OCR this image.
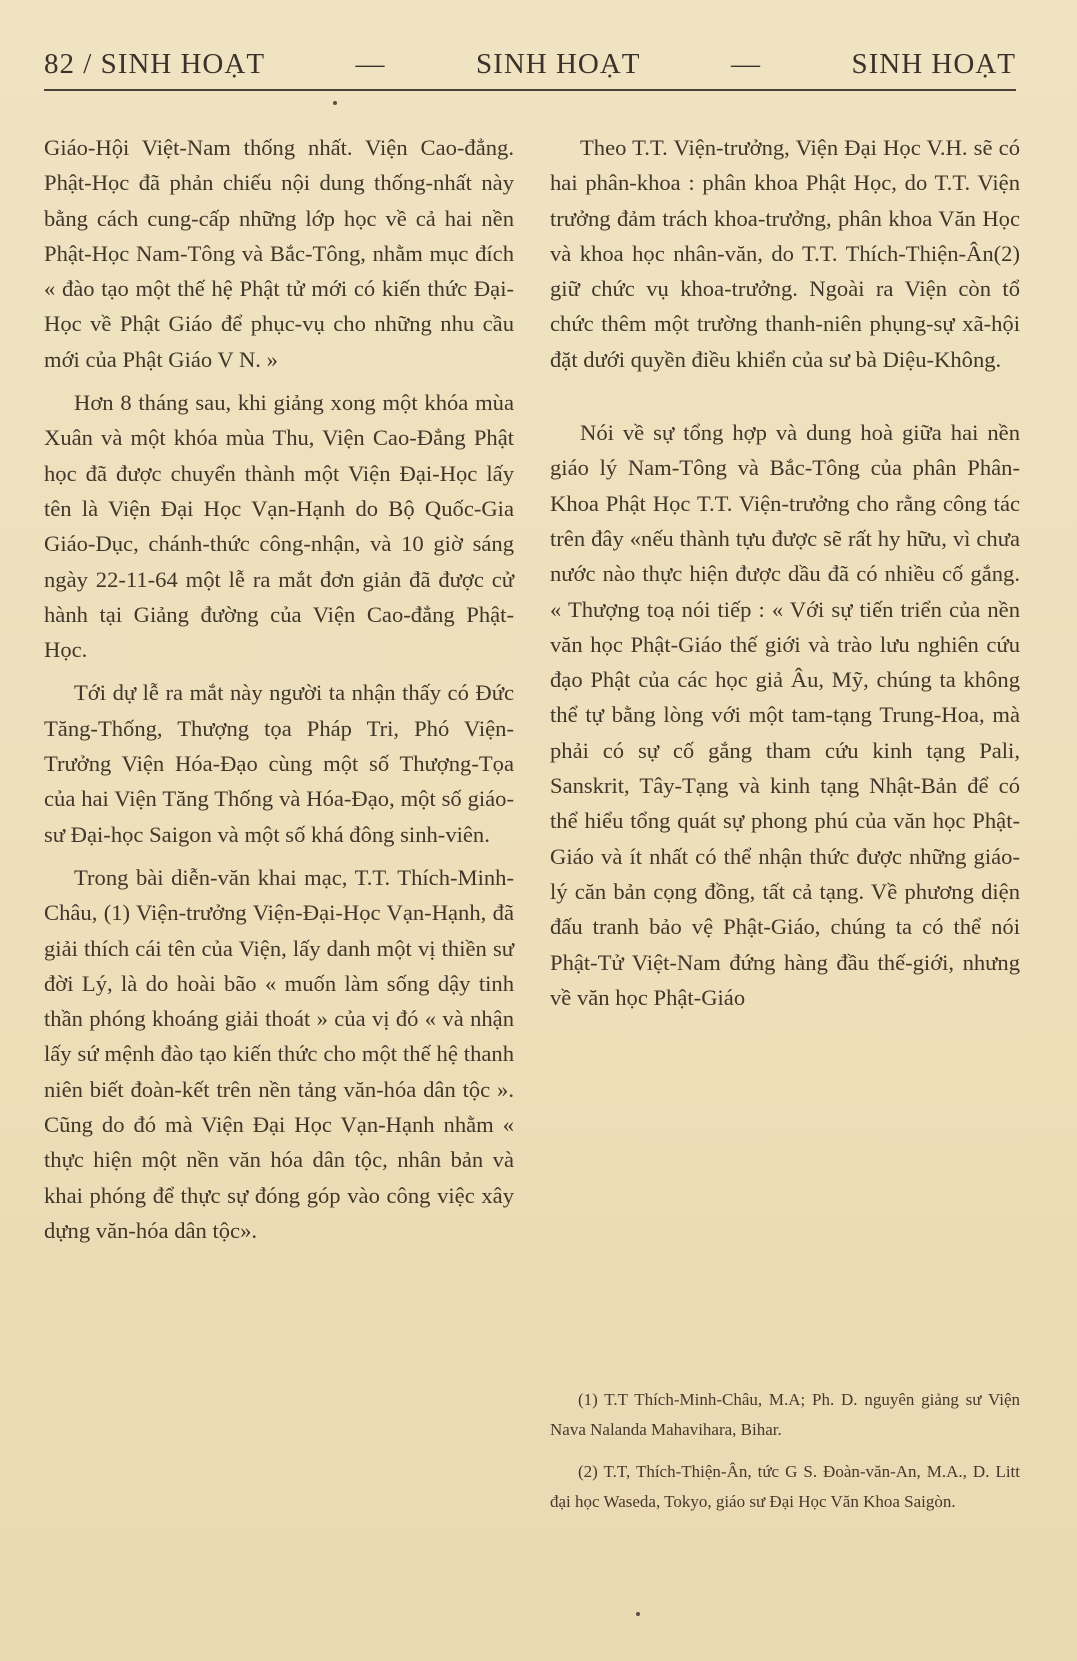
82 / SINH HOẠT	—	SINH HOẠT	—	SINH HOẠT

Giáo-Hội Việt-Nam thống nhất. Viện Cao-đẳng. Phật-Học đã phản chiếu nội dung thống-nhất này bằng cách cung-cấp những lớp học về cả hai nền Phật-Học Nam-Tông và Bắc-Tông, nhằm mục đích « đào tạo một thế hệ Phật tử mới có kiến thức Đại-Học về Phật Giáo để phục-vụ cho những nhu cầu mới của Phật Giáo V N. »

Hơn 8 tháng sau, khi giảng xong một khóa mùa Xuân và một khóa mùa Thu, Viện Cao-Đẳng Phật học đã được chuyển thành một Viện Đại-Học lấy tên là Viện Đại Học Vạn-Hạnh do Bộ Quốc-Gia Giáo-Dục, chánh-thức công-nhận, và 10 giờ sáng ngày 22-11-64 một lễ ra mắt đơn giản đã được cử hành tại Giảng đường của Viện Cao-đẳng Phật-Học.

Tới dự lễ ra mắt này người ta nhận thấy có Đức Tăng-Thống, Thượng tọa Pháp Tri, Phó Viện-Trưởng Viện Hóa-Đạo cùng một số Thượng-Tọa của hai Viện Tăng Thống và Hóa-Đạo, một số giáo-sư Đại-học Saigon và một số khá đông sinh-viên.

Trong bài diễn-văn khai mạc, T.T. Thích-Minh-Châu, (1) Viện-trưởng Viện-Đại-Học Vạn-Hạnh, đã giải thích cái tên của Viện, lấy danh một vị thiền sư đời Lý, là do hoài bão « muốn làm sống dậy tinh thần phóng khoáng giải thoát » của vị đó « và nhận lấy sứ mệnh đào tạo kiến thức cho một thế hệ thanh niên biết đoàn-kết trên nền tảng văn-hóa dân tộc ». Cũng do đó mà Viện Đại Học Vạn-Hạnh nhằm « thực hiện một nền văn hóa dân tộc, nhân bản và khai phóng để thực sự đóng góp vào công việc xây dựng văn-hóa dân tộc».

Theo T.T. Viện-trưởng, Viện Đại Học V.H. sẽ có hai phân-khoa : phân khoa Phật Học, do T.T. Viện trưởng đảm trách khoa-trưởng, phân khoa Văn Học và khoa học nhân-văn, do T.T. Thích-Thiện-Ân(2) giữ chức vụ khoa-trưởng. Ngoài ra Viện còn tổ chức thêm một trường thanh-niên phụng-sự xã-hội đặt dưới quyền điều khiển của sư bà Diệu-Không.

Nói về sự tổng hợp và dung hoà giữa hai nền giáo lý Nam-Tông và Bắc-Tông của phân Phân-Khoa Phật Học T.T. Viện-trưởng cho rằng công tác trên đây «nếu thành tựu được sẽ rất hy hữu, vì chưa nước nào thực hiện được dầu đã có nhiều cố gắng. « Thượng toạ nói tiếp : « Với sự tiến triển của nền văn học Phật-Giáo thế giới và trào lưu nghiên cứu đạo Phật của các học giả Âu, Mỹ, chúng ta không thể tự bằng lòng với một tam-tạng Trung-Hoa, mà phải có sự cố gắng tham cứu kinh tạng Pali, Sanskrit, Tây-Tạng và kinh tạng Nhật-Bản để có thể hiểu tổng quát sự phong phú của văn học Phật-Giáo và ít nhất có thể nhận thức được những giáo-lý căn bản cọng đồng, tất cả tạng. Về phương diện đấu tranh bảo vệ Phật-Giáo, chúng ta có thể nói Phật-Tử Việt-Nam đứng hàng đầu thế-giới, nhưng về văn học Phật-Giáo

(1) T.T Thích-Minh-Châu, M.A; Ph. D. nguyên giảng sư Viện Nava Nalanda Mahavihara, Bihar.

(2) T.T, Thích-Thiện-Ân, tức G S. Đoàn-văn-An, M.A., D. Litt đại học Waseda, Tokyo, giáo sư Đại Học Văn Khoa Saigòn.
